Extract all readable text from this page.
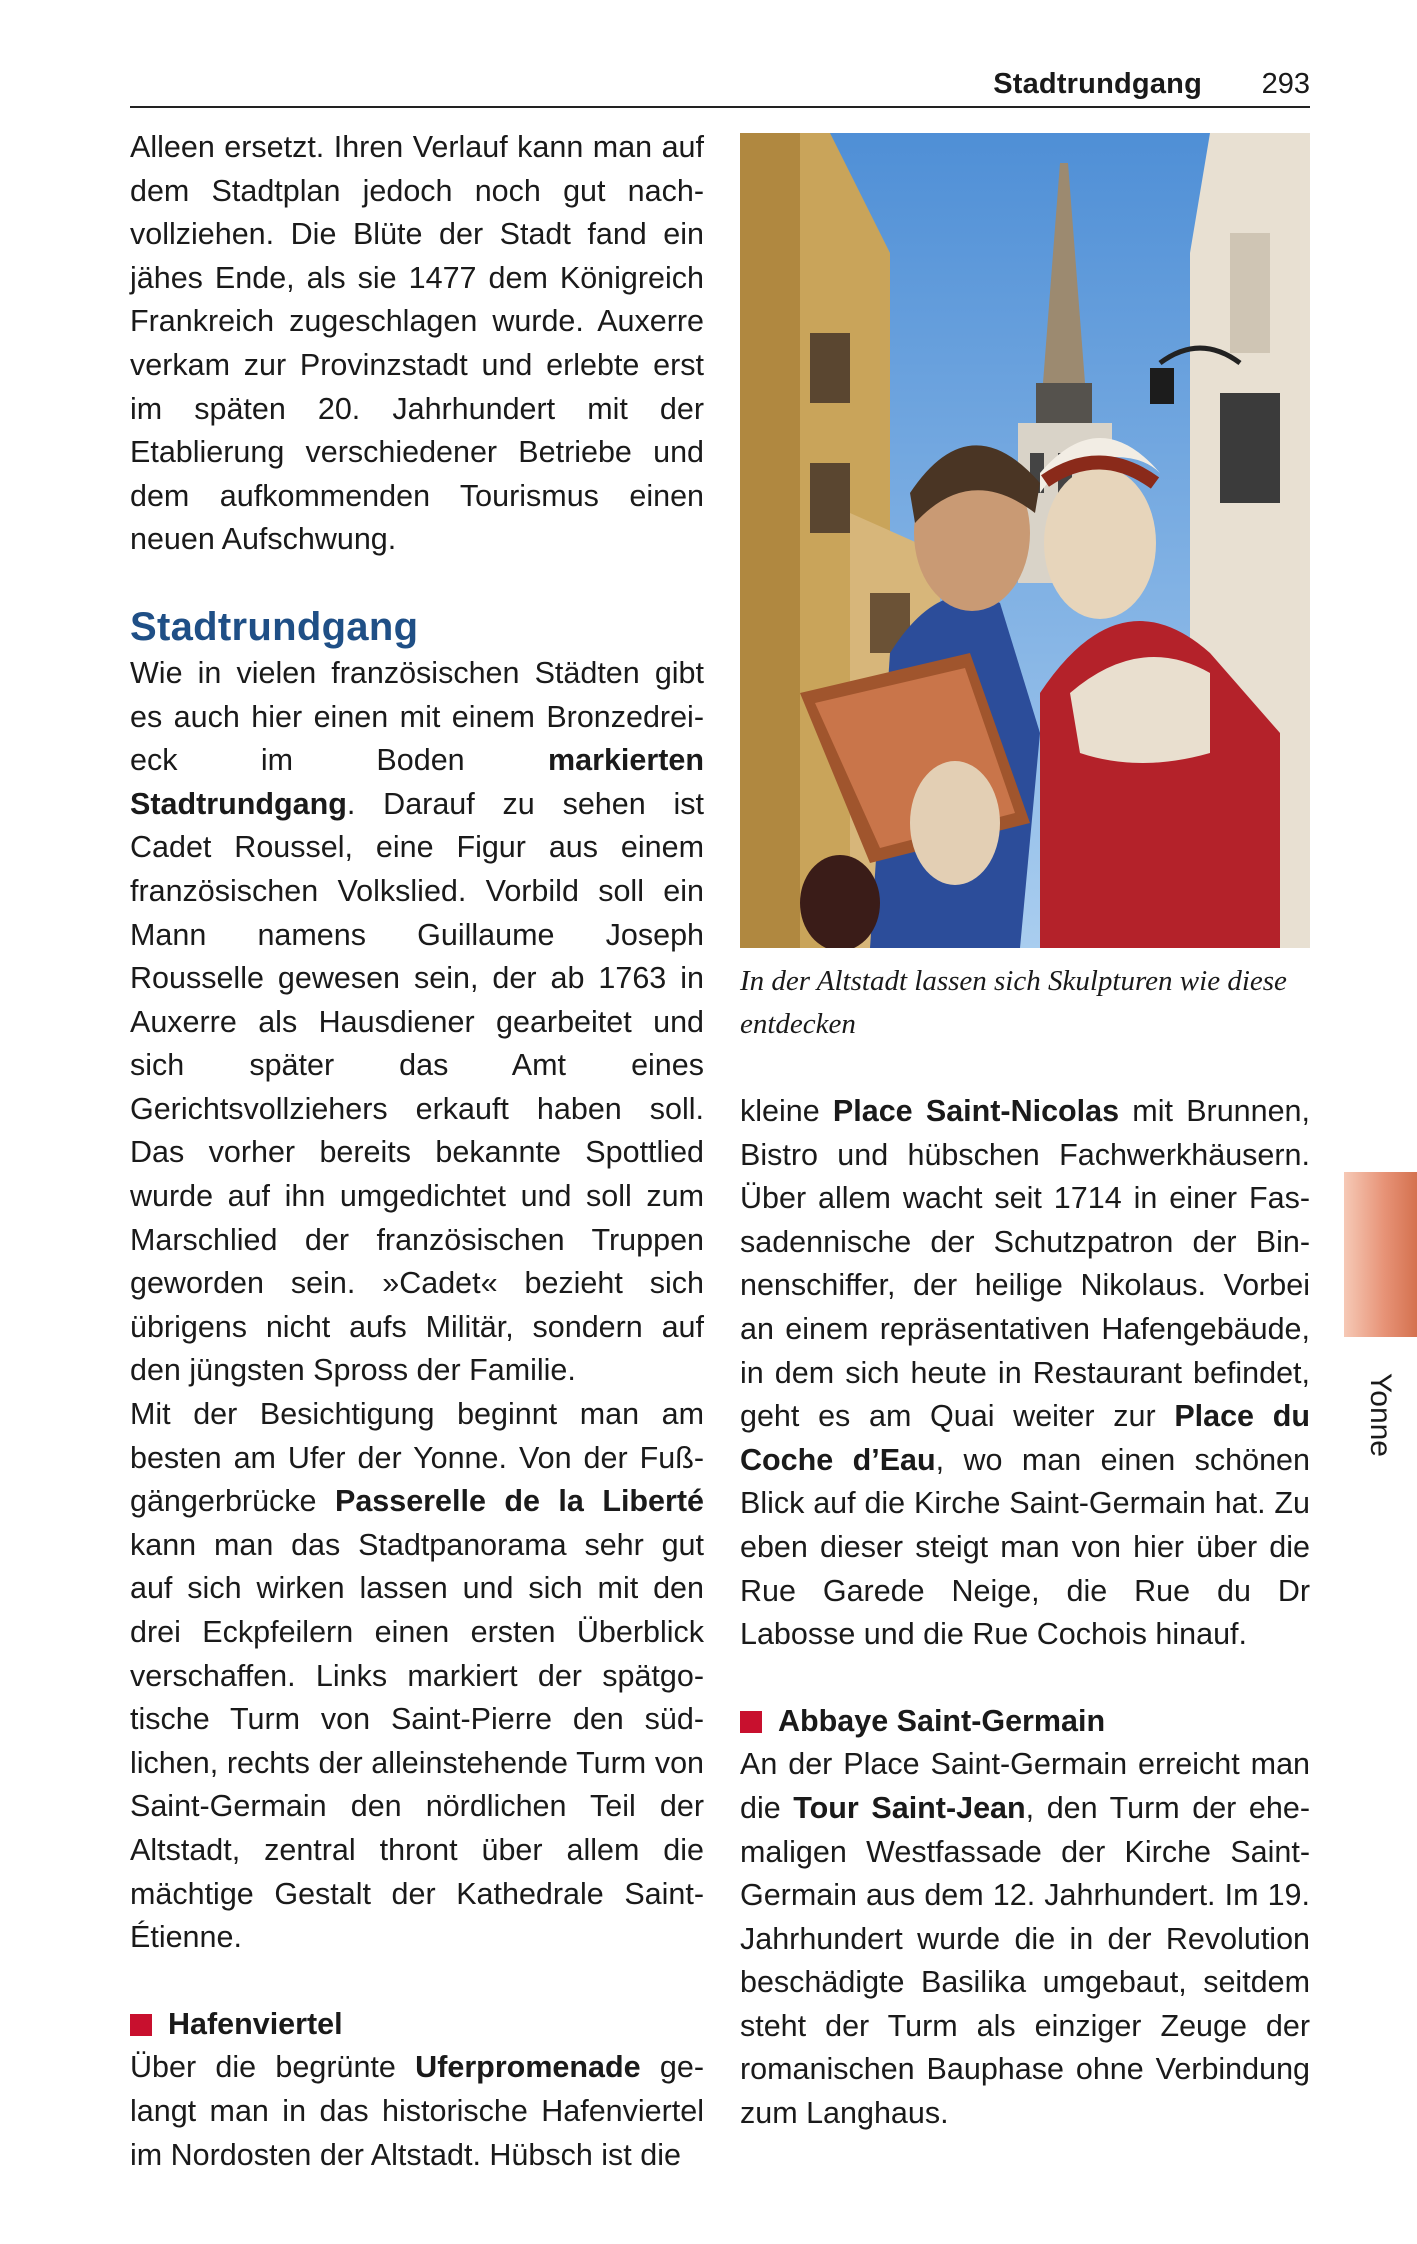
Stadtrundgang 293

Alleen ersetzt. Ihren Verlauf kann man auf dem Stadtplan jedoch noch gut nachvollziehen. Die Blüte der Stadt fand ein jähes Ende, als sie 1477 dem Königreich Frankreich zugeschlagen wurde. Auxerre verkam zur Provinzstadt und erlebte erst im späten 20. Jahrhundert mit der Etablierung verschiedener Betriebe und dem aufkommenden Tourismus einen neuen Aufschwung.

Stadtrundgang

Wie in vielen französischen Städten gibt es auch hier einen mit einem Bronzedreieck im Boden markierten Stadtrundgang. Darauf zu sehen ist Cadet Roussel, eine Figur aus einem französischen Volkslied. Vorbild soll ein Mann namens Guillaume Joseph Rousselle gewesen sein, der ab 1763 in Auxerre als Hausdiener gearbeitet und sich später das Amt eines Gerichtsvollziehers erkauft haben soll. Das vorher bereits bekannte Spottlied wurde auf ihn umgedichtet und soll zum Marschlied der französischen Truppen geworden sein. »Cadet« bezieht sich übrigens nicht aufs Militär, sondern auf den jüngsten Spross der Familie.

Mit der Besichtigung beginnt man am besten am Ufer der Yonne. Von der Fußgängerbrücke Passerelle de la Liberté kann man das Stadtpanorama sehr gut auf sich wirken lassen und sich mit den drei Eckpfeilern einen ersten Überblick verschaffen. Links markiert der spätgotische Turm von Saint-Pierre den südlichen, rechts der alleinstehende Turm von Saint-Germain den nördlichen Teil der Altstadt, zentral thront über allem die mächtige Gestalt der Kathedrale Saint-Étienne.

Hafenviertel

Über die begrünte Uferpromenade gelangt man in das historische Hafenviertel im Nordosten der Altstadt. Hübsch ist die

In der Altstadt lassen sich Skulpturen wie diese entdecken

kleine Place Saint-Nicolas mit Brunnen, Bistro und hübschen Fachwerkhäusern. Über allem wacht seit 1714 in einer Fassadennische der Schutzpatron der Binnenschiffer, der heilige Nikolaus. Vorbei an einem repräsentativen Hafengebäude, in dem sich heute in Restaurant befindet, geht es am Quai weiter zur Place du Coche d’Eau, wo man einen schönen Blick auf die Kirche Saint-Germain hat. Zu eben dieser steigt man von hier über die Rue Garede Neige, die Rue du Dr Labosse und die Rue Cochois hinauf.

Abbaye Saint-Germain

An der Place Saint-Germain erreicht man die Tour Saint-Jean, den Turm der ehemaligen Westfassade der Kirche Saint-Germain aus dem 12. Jahrhundert. Im 19. Jahrhundert wurde die in der Revolution beschädigte Basilika umgebaut, seitdem steht der Turm als einziger Zeuge der romanischen Bauphase ohne Verbindung zum Langhaus.

Yonne
